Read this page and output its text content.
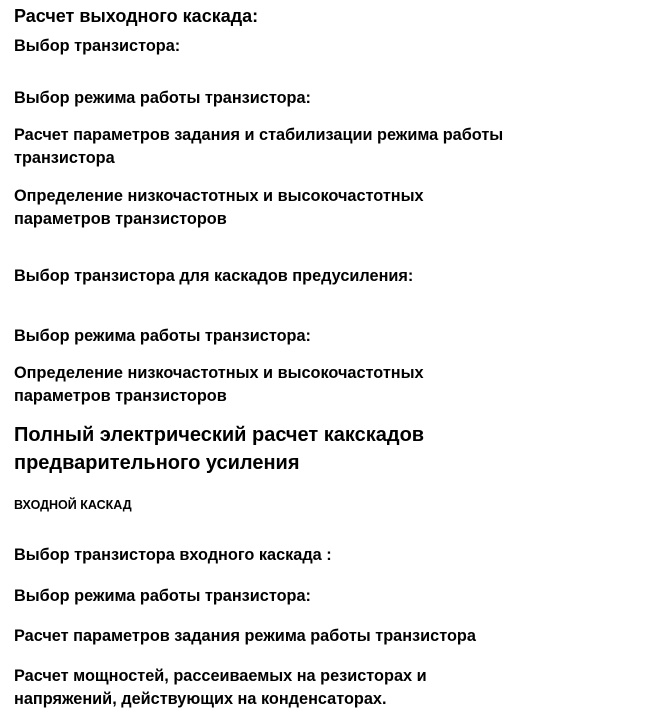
Расчет выходного каскада:

Выбор транзистора:

Выбор режима работы транзистора:

Расчет параметров задания и стабилизации режима работы

транзистора

Определение низкочастотных и высокочастотных

параметров транзисторов

Выбор транзистора для каскадов предусиления:

Выбор режима работы транзистора:

Определение низкочастотных и высокочастотных

параметров транзисторов

Полный электрический расчет какскадов

предварительного усиления

ВХОДНОЙ КАСКАД

Выбор транзистора входного каскада :

Выбор режима работы транзистора:

Расчет параметров задания режима работы транзистора

Расчет мощностей, рассеиваемых на резисторах и

напряжений, действующих на конденсаторах.
